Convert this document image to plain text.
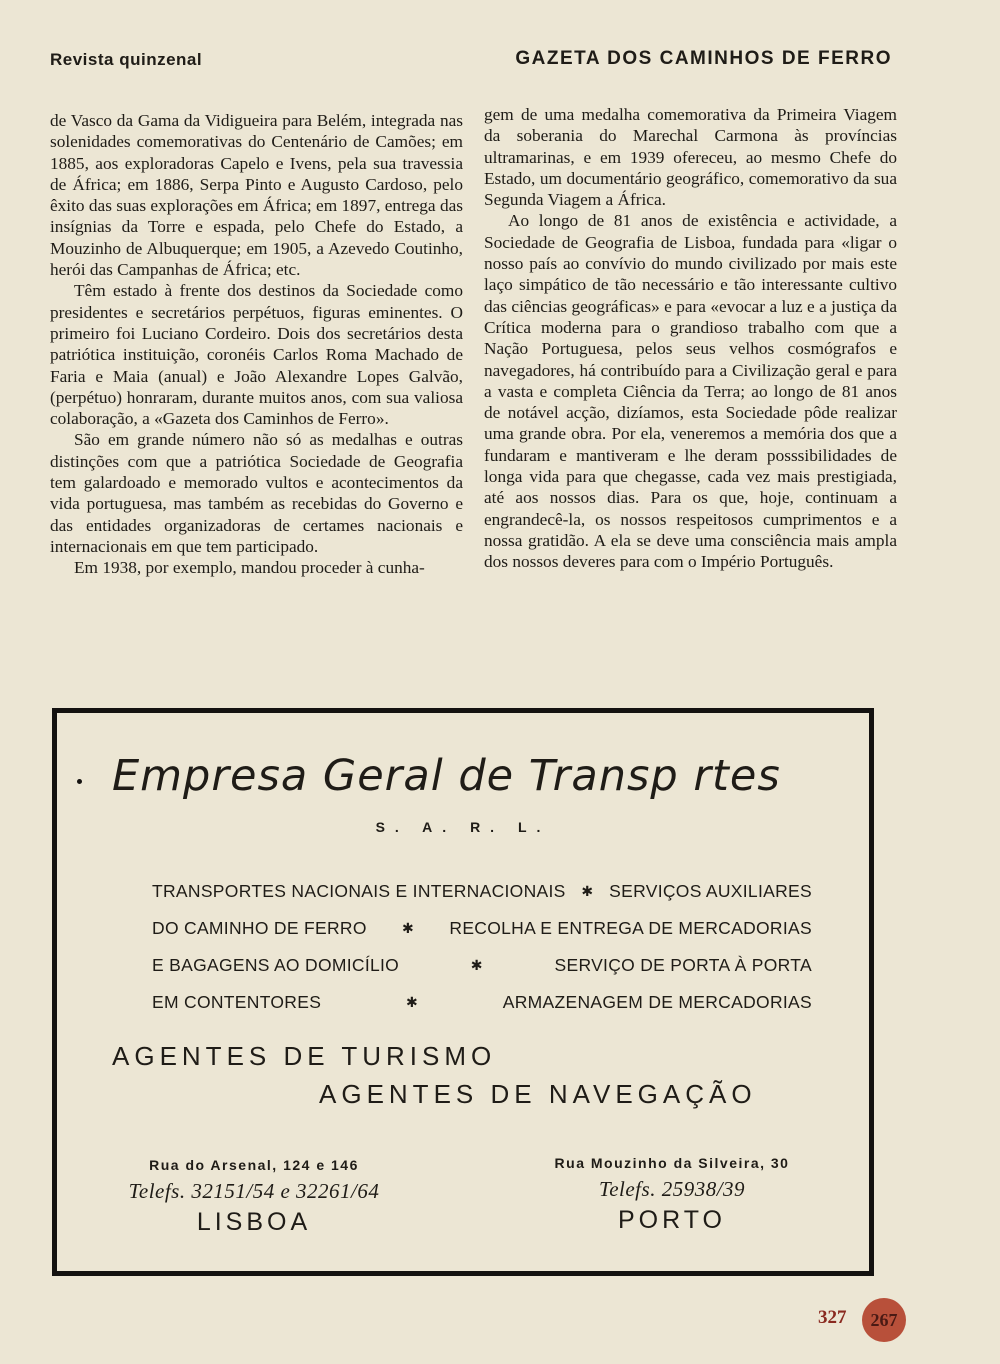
Revista quinzenal	GAZETA DOS CAMINHOS DE FERRO

de Vasco da Gama da Vidigueira para Belém, integrada nas solenidades comemorativas do Centenário de Camões; em 1885, aos exploradoras Capelo e Ivens, pela sua travessia de África; em 1886, Serpa Pinto e Augusto Cardoso, pelo êxito das suas explorações em África; em 1897, entrega das insígnias da Torre e espada, pelo Chefe do Estado, a Mouzinho de Albuquerque; em 1905, a Azevedo Coutinho, herói das Campanhas de África; etc.

Têm estado à frente dos destinos da Sociedade como presidentes e secretários perpétuos, figuras eminentes. O primeiro foi Luciano Cordeiro. Dois dos secretários desta patriótica instituição, coronéis Carlos Roma Machado de Faria e Maia (anual) e João Alexandre Lopes Galvão, (perpétuo) honraram, durante muitos anos, com sua valiosa colaboração, a «Gazeta dos Caminhos de Ferro».

São em grande número não só as medalhas e outras distinções com que a patriótica Sociedade de Geografia tem galardoado e memorado vultos e acontecimentos da vida portuguesa, mas também as recebidas do Governo e das entidades organizadoras de certames nacionais e internacionais em que tem participado.

Em 1938, por exemplo, mandou proceder à cunha-

gem de uma medalha comemorativa da Primeira Viagem da soberania do Marechal Carmona às províncias ultramarinas, e em 1939 ofereceu, ao mesmo Chefe do Estado, um documentário geográfico, comemorativo da sua Segunda Viagem a África.

Ao longo de 81 anos de existência e actividade, a Sociedade de Geografia de Lisboa, fundada para «ligar o nosso país ao convívio do mundo civilizado por mais este laço simpático de tão necessário e tão interessante cultivo das ciências geográficas» e para «evocar a luz e a justiça da Crítica moderna para o grandioso trabalho com que a Nação Portuguesa, pelos seus velhos cosmógrafos e navegadores, há contribuído para a Civilização geral e para a vasta e completa Ciência da Terra; ao longo de 81 anos de notável acção, dizíamos, esta Sociedade pôde realizar uma grande obra. Por ela, veneremos a memória dos que a fundaram e mantiveram e lhe deram posssibilidades de longa vida para que chegasse, cada vez mais prestigiada, até aos nossos dias. Para os que, hoje, continuam a engrandecê-la, os nossos respeitosos cumprimentos e a nossa gratidão. A ela se deve uma consciência mais ampla dos nossos deveres para com o Império Português.

Empresa Geral de Transp rtes
S. A. R. L.
TRANSPORTES NACIONAIS E INTERNACIONAIS ✱ SERVIÇOS AUXILIARES
DO CAMINHO DE FERRO	✱ RECOLHA E ENTREGA DE MERCADORIAS
E BAGAGENS AO DOMICÍLIO	✱	SERVIÇO DE PORTA À PORTA
EM CONTENTORES	✱	ARMAZENAGEM DE MERCADORIAS
AGENTES DE TURISMO
AGENTES DE NAVEGAÇÃO
Rua do Arsenal, 124 e 146
Telefs. 32151/54 e 32261/64
LISBOA
Rua Mouzinho da Silveira, 30
Telefs. 25938/39
PORTO
327	267
